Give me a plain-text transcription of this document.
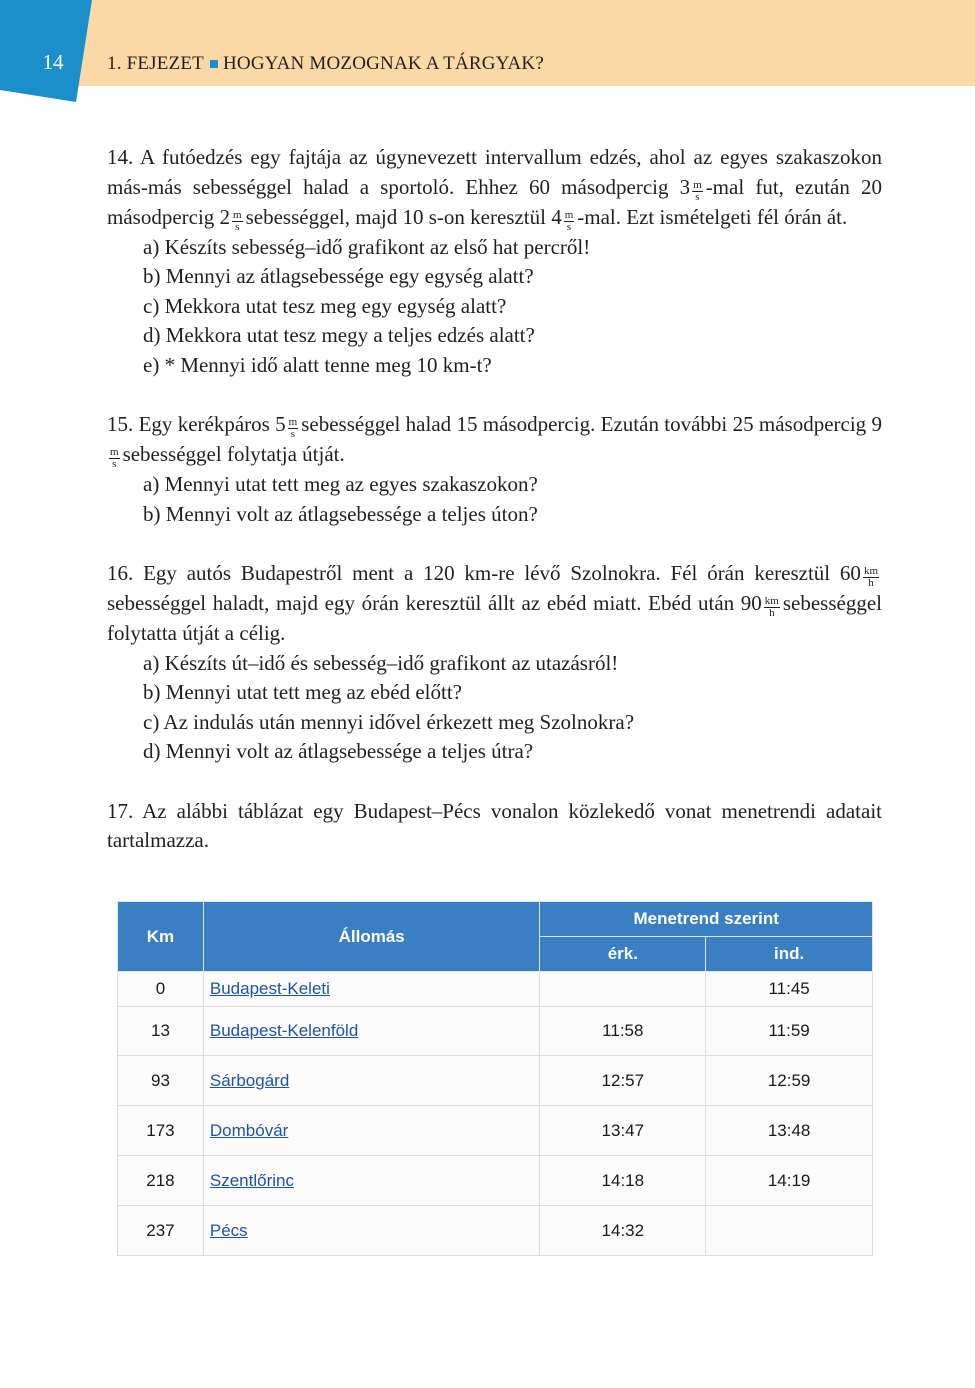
14	1. FEJEZET HOGYAN MOZOGNAK A TÁRGYAK?

14. A futóedzés egy fajtája az úgynevezett intervallum edzés, ahol az egyes szakaszokon más-más sebességgel halad a sportoló. Ehhez 60 másodpercig $3 \frac{m}{s} -mal$ fut, ezután 20 másodpercig $2 \frac{m}{s}$ sebességgel, majd 10 s-on keresztül $4 \frac{m}{s} -mal$. Ezt ismételgeti fél órán át.

a) Készíts sebesség–idő grafikont az első hat percről!
b) Mennyi az átlagsebessége egy egység alatt?
c) Mekkora utat tesz meg egy egység alatt?
d) Mekkora utat tesz megy a teljes edzés alatt?
e) * Mennyi idő alatt tenne meg 10 km-t?

15. Egy kerékpáros $5 \frac{m}{s}$ sebességgel halad 15 másodpercig. Ezután további 25 másodpercig 9
$\frac{m}{s}$ sebességgel folytatja útját.

a) Mennyi utat tett meg az egyes szakaszokon?
b) Mennyi volt az átlagsebessége a teljes úton?

16. Egy autós Budapestről ment a 120 km-re lévő Szolnokra. Fél órán keresztül $60 \frac{km}{h}$
sebességgel haladt, majd egy órán keresztül állt az ebéd miatt. Ebéd után $90 \frac{km}{h}$ sebességgel folytatta útját a célig.

a) Készíts út–idő és sebesség–idő grafikont az utazásról!
b) Mennyi utat tett meg az ebéd előtt?
c) Az indulás után mennyi idővel érkezett meg Szolnokra?
d) Mennyi volt az átlagsebessége a teljes útra?

17. Az alábbi táblázat egy Budapest–Pécs vonalon közlekedő vonat menetrendi adatait tartalmazza.

Km	Állomás	Menetrend szerint	
		érk.	ind.
0	Budapest-Keleti		11:45
13	Budapest-Kelenföld	11:58	11:59
93	Sárbogárd	12:57	12:59
173	Dombóvár	13:47	13:48
218	Szentlőrinc	14:18	14:19
237	Pécs	14:32	
